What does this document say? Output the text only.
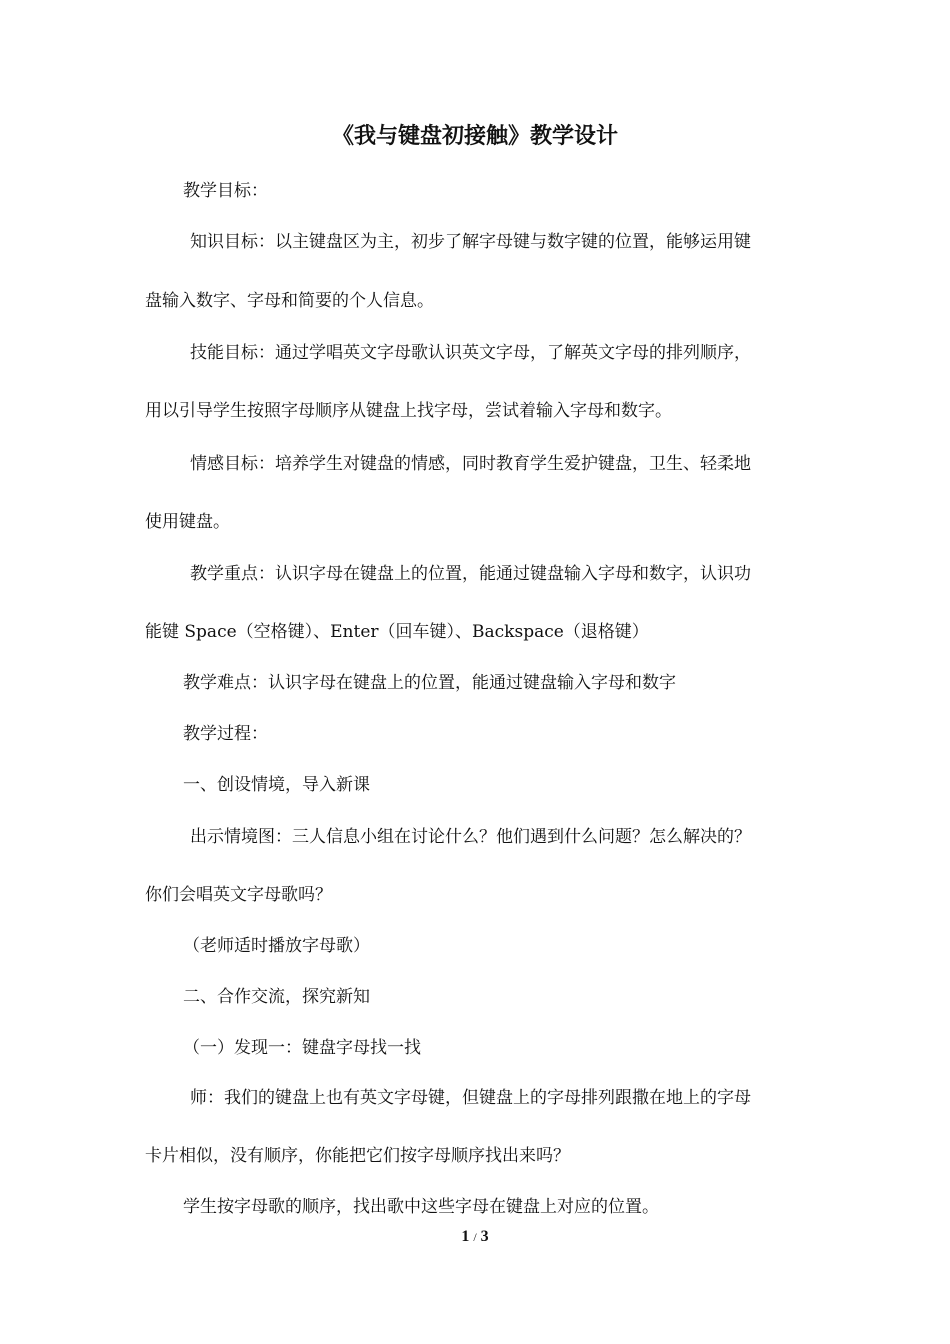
《我与键盘初接触》教学设计
教学目标：
知识目标：以主键盘区为主，初步了解字母键与数字键的位置，能够运用键
盘输入数字、字母和简要的个人信息。
技能目标：通过学唱英文字母歌认识英文字母，了解英文字母的排列顺序，
用以引导学生按照字母顺序从键盘上找字母，尝试着输入字母和数字。
情感目标：培养学生对键盘的情感，同时教育学生爱护键盘，卫生、轻柔地
使用键盘。
教学重点：认识字母在键盘上的位置，能通过键盘输入字母和数字，认识功
能键 Space（空格键）、Enter（回车键）、Backspace（退格键）
教学难点：认识字母在键盘上的位置，能通过键盘输入字母和数字
教学过程：
一、创设情境，导入新课
出示情境图：三人信息小组在讨论什么？他们遇到什么问题？怎么解决的？
你们会唱英文字母歌吗？
（老师适时播放字母歌）
二、合作交流，探究新知
（一）发现一：键盘字母找一找
师：我们的键盘上也有英文字母键，但键盘上的字母排列跟撒在地上的字母
卡片相似，没有顺序，你能把它们按字母顺序找出来吗？
学生按字母歌的顺序，找出歌中这些字母在键盘上对应的位置。
1 / 3
